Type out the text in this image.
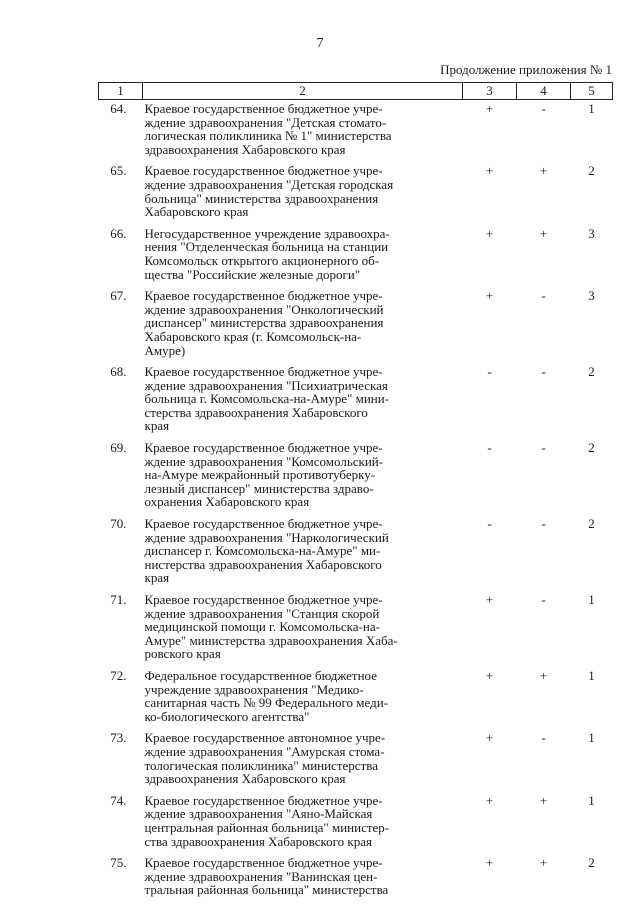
7
Продолжение приложения № 1
1	2	3	4	5
64.	Краевое государственное бюджетное учре-
ждение здравоохранения "Детская стомато-
логическая поликлиника № 1" министерства
здравоохранения Хабаровского края	+	-	1
65.	Краевое государственное бюджетное учре-
ждение здравоохранения "Детская городская
больница" министерства здравоохранения
Хабаровского края	+	+	2
66.	Негосударственное учреждение здравоохра-
нения "Отделенческая больница на станции
Комсомольск открытого акционерного об-
щества "Российские железные дороги"	+	+	3
67.	Краевое государственное бюджетное учре-
ждение здравоохранения "Онкологический
диспансер" министерства здравоохранения
Хабаровского края (г. Комсомольск-на-
Амуре)	+	-	3
68.	Краевое государственное бюджетное учре-
ждение здравоохранения "Психиатрическая
больница г. Комсомольска-на-Амуре" мини-
стерства здравоохранения Хабаровского
края	-	-	2
69.	Краевое государственное бюджетное учре-
ждение здравоохранения "Комсомольский-
на-Амуре межрайонный противотуберку-
лезный диспансер" министерства здраво-
охранения Хабаровского края	-	-	2
70.	Краевое государственное бюджетное учре-
ждение здравоохранения "Наркологический
диспансер г. Комсомольска-на-Амуре" ми-
нистерства здравоохранения Хабаровского
края	-	-	2
71.	Краевое государственное бюджетное учре-
ждение здравоохранения "Станция скорой
медицинской помощи г. Комсомольска-на-
Амуре" министерства здравоохранения Хаба-
ровского края	+	-	1
72.	Федеральное государственное бюджетное
учреждение здравоохранения "Медико-
санитарная часть № 99 Федерального меди-
ко-биологического агентства"	+	+	1
73.	Краевое государственное автономное учре-
ждение здравоохранения "Амурская стома-
тологическая поликлиника" министерства
здравоохранения Хабаровского края	+	-	1
74.	Краевое государственное бюджетное учре-
ждение здравоохранения "Аяно-Майская
центральная районная больница" министер-
ства здравоохранения Хабаровского края	+	+	1
75.	Краевое государственное бюджетное учре-
ждение здравоохранения "Ванинская цен-
тральная районная больница" министерства	+	+	2
